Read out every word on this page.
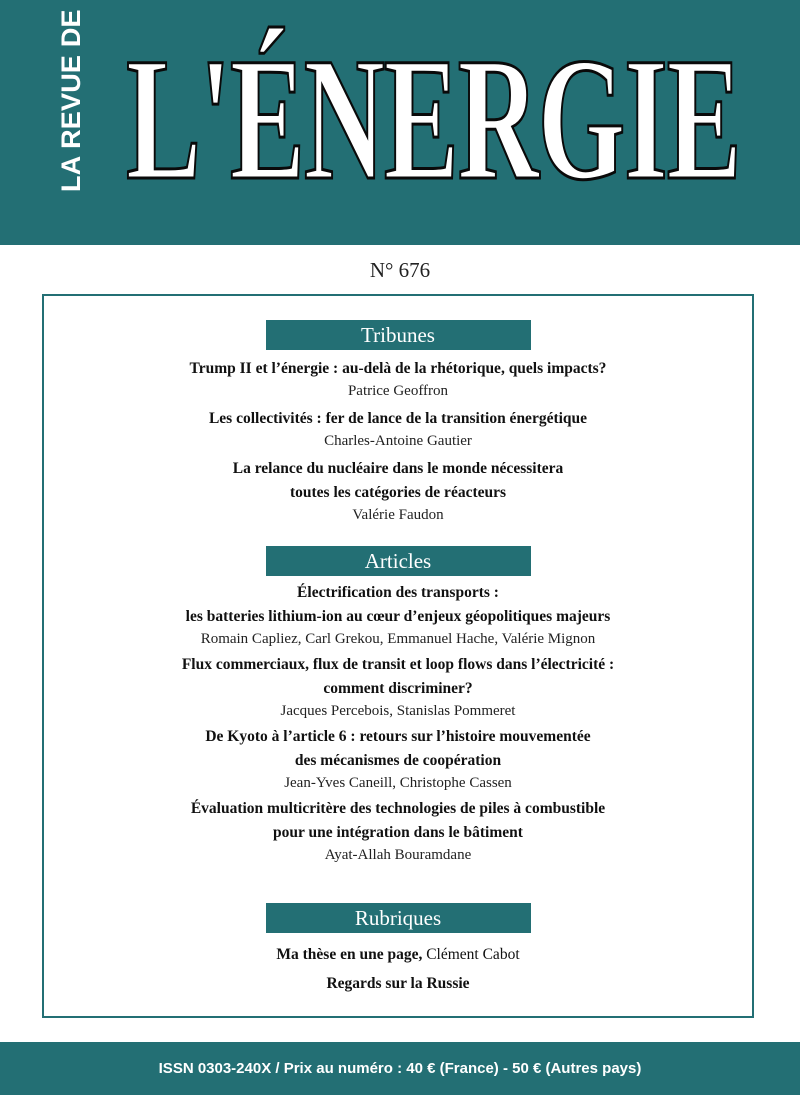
LA REVUE DE L'ÉNERGIE
N° 676
Tribunes
Trump II et l’énergie : au-delà de la rhétorique, quels impacts?
Patrice Geoffron
Les collectivités : fer de lance de la transition énergétique
Charles-Antoine Gautier
La relance du nucléaire dans le monde nécessitera
toutes les catégories de réacteurs
Valérie Faudon
Articles
Électrification des transports :
les batteries lithium-ion au cœur d’enjeux géopolitiques majeurs
Romain Capliez, Carl Grekou, Emmanuel Hache, Valérie Mignon
Flux commerciaux, flux de transit et loop flows dans l’électricité :
comment discriminer?
Jacques Percebois, Stanislas Pommeret
De Kyoto à l’article 6 : retours sur l’histoire mouvementée
des mécanismes de coopération
Jean-Yves Caneill, Christophe Cassen
Évaluation multicritère des technologies de piles à combustible
pour une intégration dans le bâtiment
Ayat-Allah Bouramdane
Rubriques
Ma thèse en une page, Clément Cabot
Regards sur la Russie
ISSN 0303-240X / Prix au numéro : 40 € (France) - 50 € (Autres pays)
